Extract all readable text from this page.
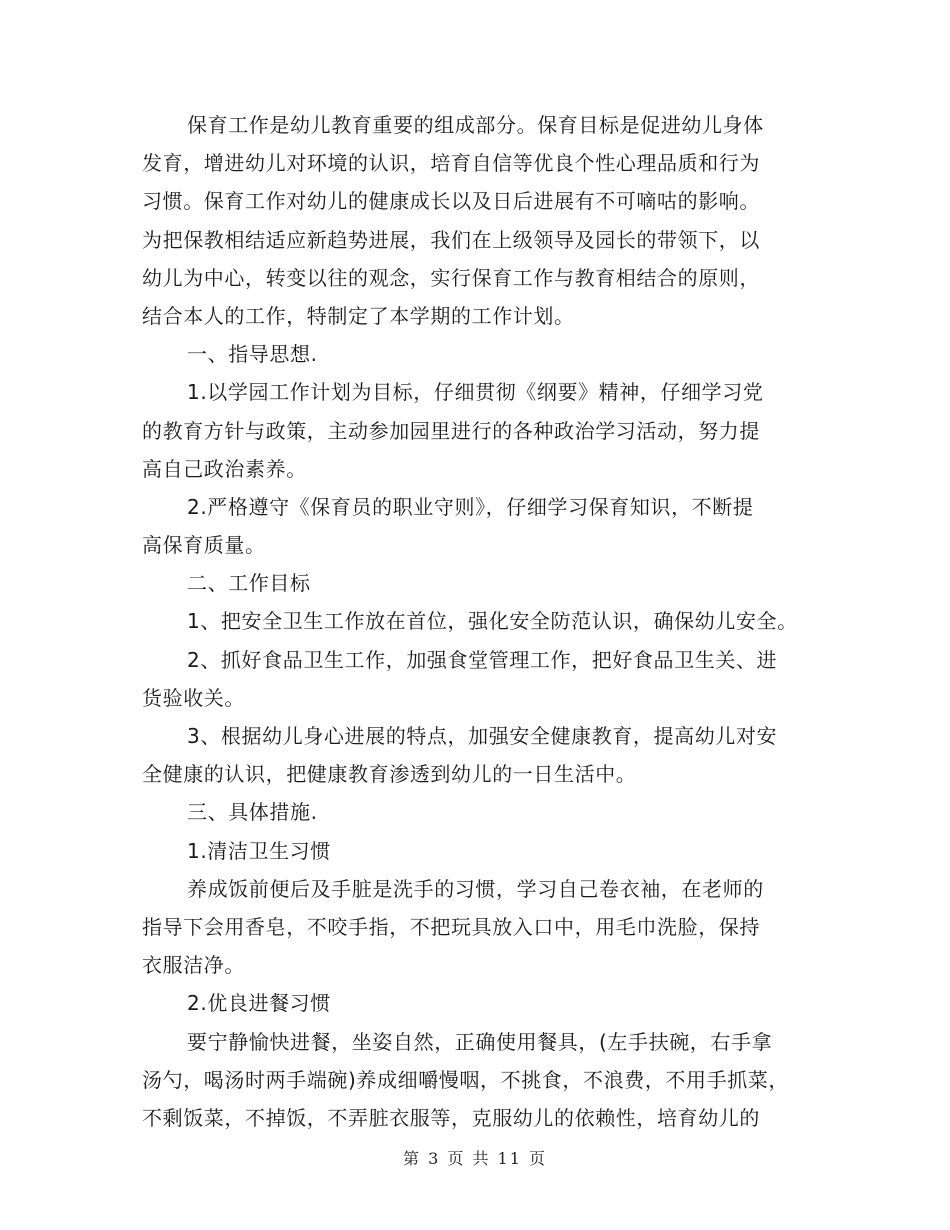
保育工作是幼儿教育重要的组成部分。保育目标是促进幼儿身体
发育，增进幼儿对环境的认识，培育自信等优良个性心理品质和行为
习惯。保育工作对幼儿的健康成长以及日后进展有不可嘀咕的影响。
为把保教相结适应新趋势进展，我们在上级领导及园长的带领下，以
幼儿为中心，转变以往的观念，实行保育工作与教育相结合的原则，
结合本人的工作，特制定了本学期的工作计划。
一、指导思想.
1.以学园工作计划为目标，仔细贯彻《纲要》精神，仔细学习党
的教育方针与政策，主动参加园里进行的各种政治学习活动，努力提
高自己政治素养。
2.严格遵守《保育员的职业守则》，仔细学习保育知识，不断提
高保育质量。
二、工作目标
1、把安全卫生工作放在首位，强化安全防范认识，确保幼儿安全。
2、抓好食品卫生工作，加强食堂管理工作，把好食品卫生关、进
货验收关。
3、根据幼儿身心进展的特点，加强安全健康教育，提高幼儿对安
全健康的认识，把健康教育渗透到幼儿的一日生活中。
三、具体措施.
1.清洁卫生习惯
养成饭前便后及手脏是洗手的习惯，学习自己卷衣袖，在老师的
指导下会用香皂，不咬手指，不把玩具放入口中，用毛巾洗脸，保持
衣服洁净。
2.优良进餐习惯
要宁静愉快进餐，坐姿自然，正确使用餐具，(左手扶碗，右手拿
汤勺，喝汤时两手端碗)养成细嚼慢咽，不挑食，不浪费，不用手抓菜，
不剩饭菜，不掉饭，不弄脏衣服等，克服幼儿的依赖性，培育幼儿的
第 3 页 共 11 页
